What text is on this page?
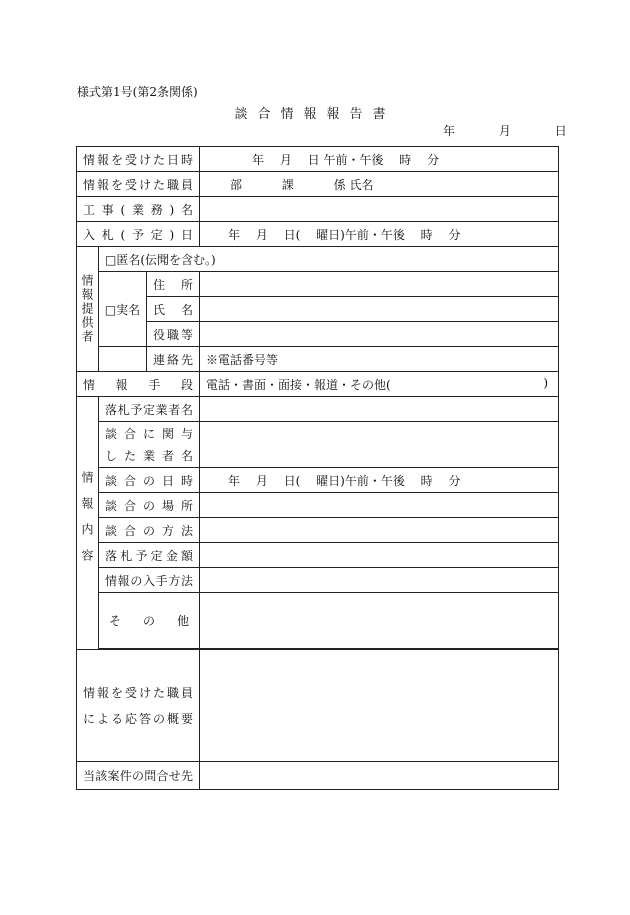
様式第1号(第2条関係)
談合情報報告書
年	月	日
情報を受けた日時			年　 月　 日 午前・午後　 時　 分
情報を受けた職員			部　　　 課　　　 係 氏名
工事(業務)名			
入札(予定)日			年　 月　 日(　 曜日)午前・午後　 時　 分
情報提供者	□匿名(伝聞を含む。)		
	□実名	住所	
		氏名	
		役職等	
		連絡先	※電話番号等
情報手段			電話・書面・面接・報道・その他( )

情報内容	落札予定業者名		

	談合に関与
した業者名		

	談合の日時		年　 月　 日(　 曜日)午前・午後　 時　 分
	談合の場所		
	談合の方法		
	落札予定金額		
	情報の入手方法		
	その他		

情報を受けた職員
による応答の概要			

当該案件の問合せ先			
